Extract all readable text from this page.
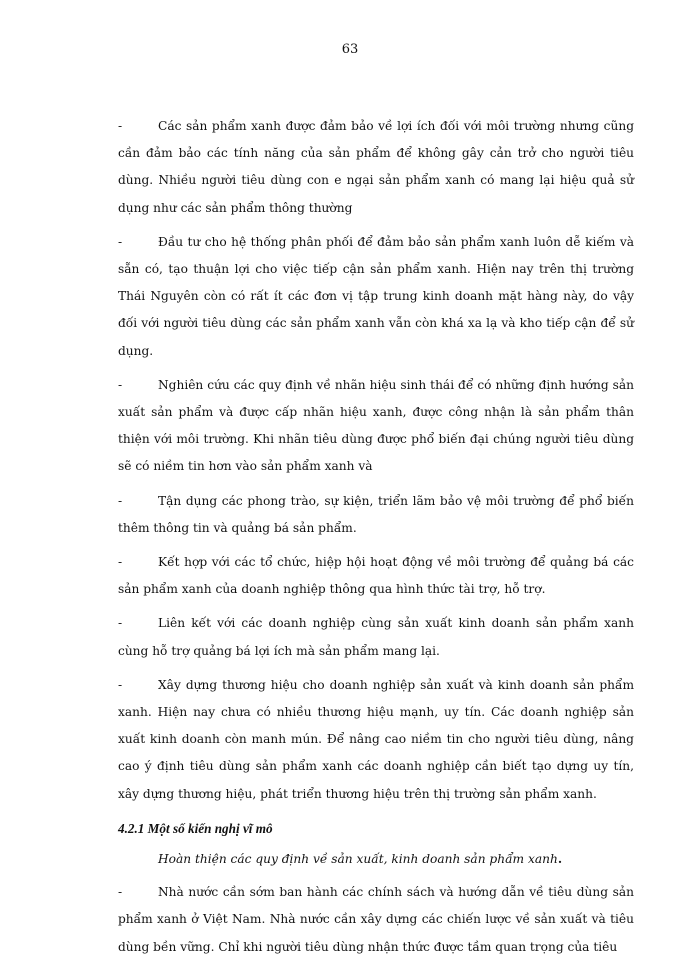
63

-	Các sản phẩm xanh được đảm bảo về lợi ích đối với môi trường nhưng cũng cần đảm bảo các tính năng của sản phẩm để không gây cản trở cho người tiêu dùng. Nhiều người tiêu dùng con e ngại sản phẩm xanh có mang lại hiệu quả sử dụng như các sản phẩm thông thường

-	Đầu tư cho hệ thống phân phối để đảm bảo sản phẩm xanh luôn dễ kiếm và sẵn có, tạo thuận lợi cho việc tiếp cận sản phẩm xanh. Hiện nay trên thị trường Thái Nguyên còn có rất ít các đơn vị tập trung kinh doanh mặt hàng này, do vậy đối với người tiêu dùng các sản phẩm xanh vẫn còn khá xa lạ và kho tiếp cận để sử dụng.

-	Nghiên cứu các quy định về nhãn hiệu sinh thái để có những định hướng sản xuất sản phẩm và được cấp nhãn hiệu xanh, được công nhận là sản phẩm thân thiện với môi trường. Khi nhãn tiêu dùng được phổ biến đại chúng người tiêu dùng sẽ có niềm tin hơn vào sản phẩm xanh và

-	Tận dụng các phong trào, sự kiện, triển lãm bảo vệ môi trường để phổ biến thêm thông tin và quảng bá sản phẩm.

-	Kết hợp với các tổ chức, hiệp hội hoạt động về môi trường để quảng bá các sản phẩm xanh của doanh nghiệp thông qua hình thức tài trợ, hỗ trợ.

-	Liên kết với các doanh nghiệp cùng sản xuất kinh doanh sản phẩm xanh cùng hỗ trợ quảng bá lợi ích mà sản phẩm mang lại.

-	Xây dựng thương hiệu cho doanh nghiệp sản xuất và kinh doanh sản phẩm xanh. Hiện nay chưa có nhiều thương hiệu mạnh, uy tín. Các doanh nghiệp sản xuất kinh doanh còn manh mún. Để nâng cao niềm tin cho người tiêu dùng, nâng cao ý định tiêu dùng sản phẩm xanh các doanh nghiệp cần biết tạo dựng uy tín, xây dựng thương hiệu, phát triển thương hiệu trên thị trường sản phẩm xanh.

4.2.1 Một số kiến nghị vĩ mô

Hoàn thiện các quy định về sản xuất, kinh doanh sản phẩm xanh.

-	Nhà nước cần sớm ban hành các chính sách và hướng dẫn về tiêu dùng sản phẩm xanh ở Việt Nam. Nhà nước cần xây dựng các chiến lược về sản xuất và tiêu dùng bền vững. Chỉ khi người tiêu dùng nhận thức được tầm quan trọng của tiêu
